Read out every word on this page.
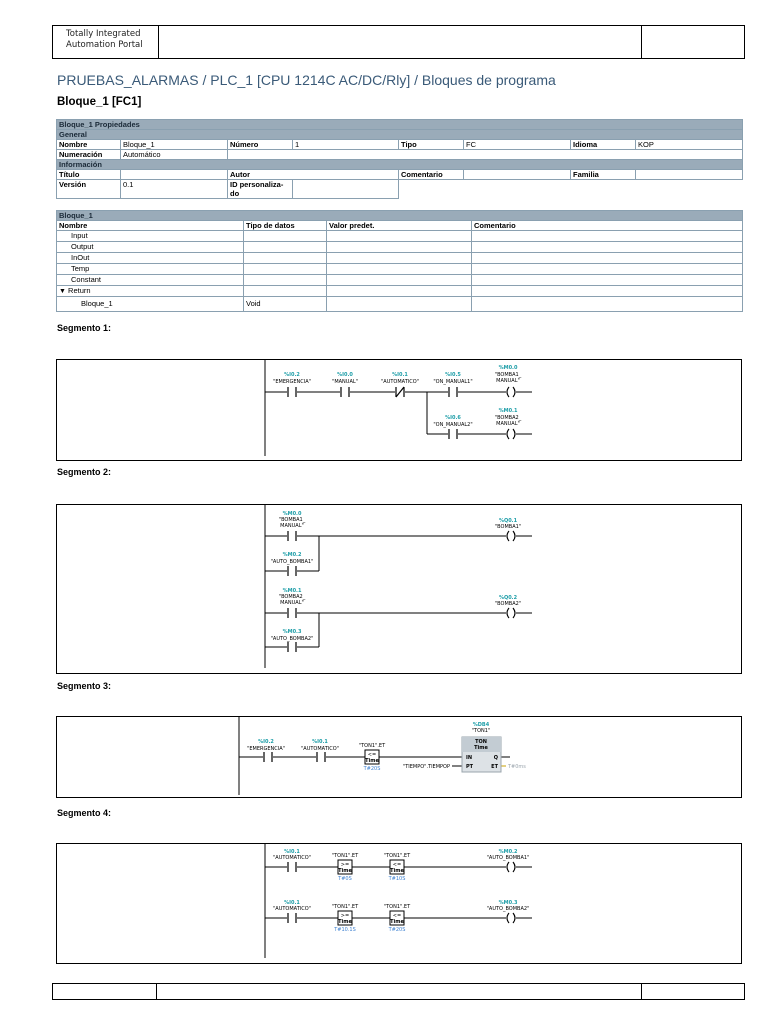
Totally Integrated
Automation Portal
PRUEBAS_ALARMAS / PLC_1 [CPU 1214C AC/DC/Rly] / Bloques de programa
Bloque_1 [FC1]
Bloque_1 Propiedades							
General							
Nombre	Bloque_1	Número	1	Tipo	FC	Idioma	KOP
Numeración	Automático						
Información							
Título		Autor		Comentario		Familia	
Versión	0.1	ID personaliza-do					
Bloque_1			
Nombre	Tipo de datos	Valor predet.	Comentario
Input			
Output			
InOut			
Temp			
Constant			
▼ Return			
Bloque_1	Void		
Segmento 1:
Segmento 2:
Segmento 3:
Segmento 4:
%I0.2
"EMERGENCIA"
%I0.0
"MANUAL"
%I0.1
"AUTOMATICO"
%I0.5
"ON_MANUAL1"
%I0.6
"ON_MANUAL2"
%M0.0
"BOMBA1_
MANUAL"
%M0.1
"BOMBA2_
MANUAL"
%M0.0
"BOMBA1_
MANUAL"
%M0.2
"AUTO_BOMBA1"
%Q0.1
"BOMBA1"
%M0.1
"BOMBA2_
MANUAL"
%M0.3
"AUTO_BOMBA2"
%Q0.2
"BOMBA2"
%I0.2
"EMERGENCIA"
%I0.1
"AUTOMATICO"	"TON1".ET
<=
Time
T#20S
%DB4
"TON1"
TON
Time
IN
PT
Q
ET
"TIEMPO".TIEMPOP	T#0ms
%I0.1
"AUTOMATICO"	"TON1".ET
>=
Time
T#0S
"TON1".ET
<=
Time
T#10S
%M0.2
"AUTO_BOMBA1"
%I0.1
"AUTOMATICO"	"TON1".ET
>=
Time
T#10.1S
"TON1".ET
<=
Time
T#20S
%M0.3
"AUTO_BOMBA2"
